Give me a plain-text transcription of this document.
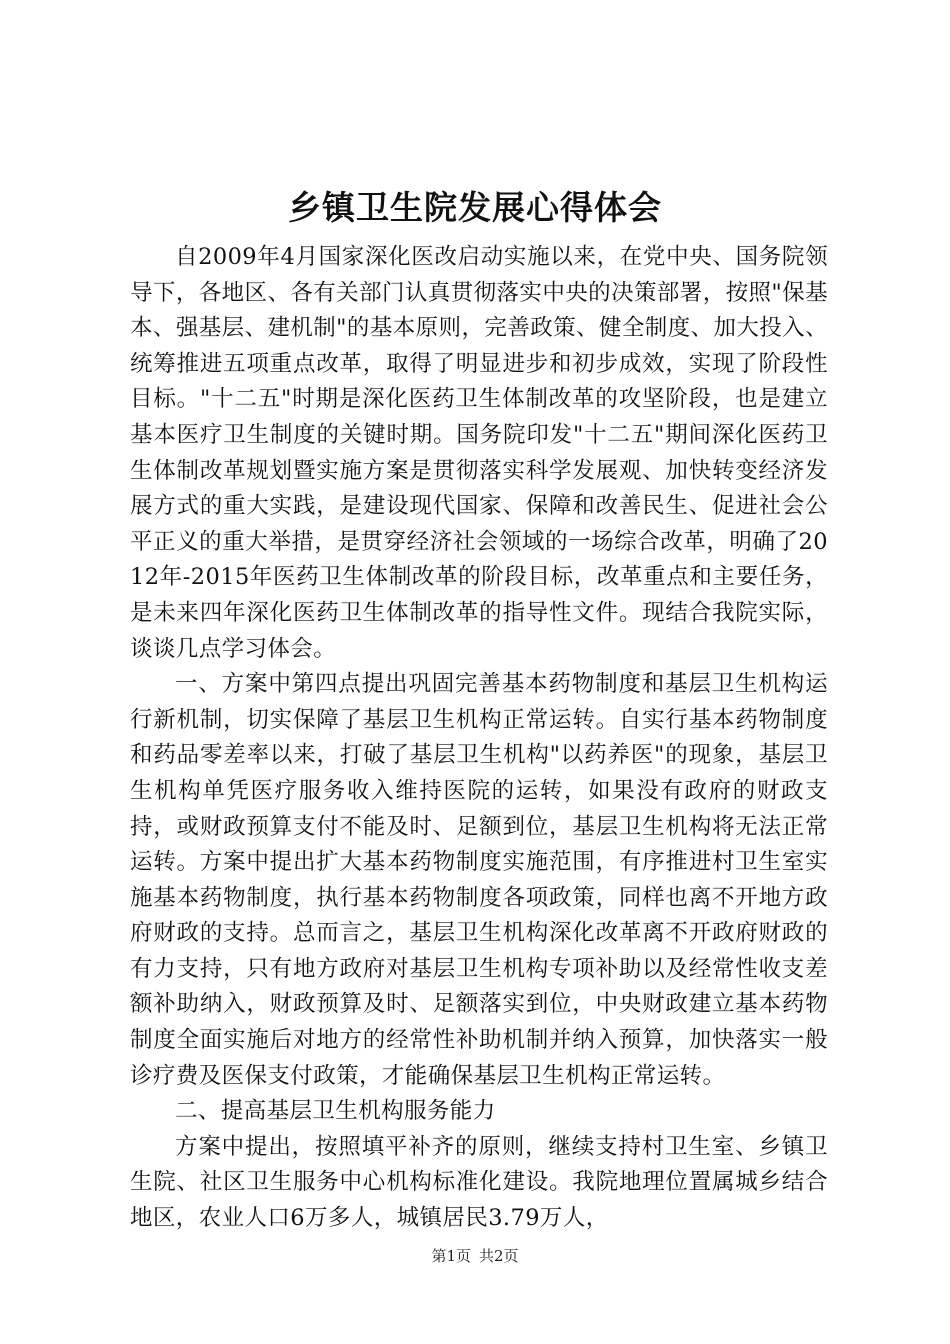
乡镇卫生院发展心得体会

自2009年4月国家深化医改启动实施以来，在党中央、国务院领导下，各地区、各有关部门认真贯彻落实中央的决策部署，按照"保基本、强基层、建机制"的基本原则，完善政策、健全制度、加大投入、统筹推进五项重点改革，取得了明显进步和初步成效，实现了阶段性目标。"十二五"时期是深化医药卫生体制改革的攻坚阶段，也是建立基本医疗卫生制度的关键时期。国务院印发"十二五"期间深化医药卫生体制改革规划暨实施方案是贯彻落实科学发展观、加快转变经济发展方式的重大实践，是建设现代国家、保障和改善民生、促进社会公平正义的重大举措，是贯穿经济社会领域的一场综合改革，明确了2012年-2015年医药卫生体制改革的阶段目标，改革重点和主要任务，是未来四年深化医药卫生体制改革的指导性文件。现结合我院实际，谈谈几点学习体会。

一、方案中第四点提出巩固完善基本药物制度和基层卫生机构运行新机制，切实保障了基层卫生机构正常运转。自实行基本药物制度和药品零差率以来，打破了基层卫生机构"以药养医"的现象，基层卫生机构单凭医疗服务收入维持医院的运转，如果没有政府的财政支持，或财政预算支付不能及时、足额到位，基层卫生机构将无法正常运转。方案中提出扩大基本药物制度实施范围，有序推进村卫生室实施基本药物制度，执行基本药物制度各项政策，同样也离不开地方政府财政的支持。总而言之，基层卫生机构深化改革离不开政府财政的有力支持，只有地方政府对基层卫生机构专项补助以及经常性收支差额补助纳入，财政预算及时、足额落实到位，中央财政建立基本药物制度全面实施后对地方的经常性补助机制并纳入预算，加快落实一般诊疗费及医保支付政策，才能确保基层卫生机构正常运转。

二、提高基层卫生机构服务能力

方案中提出，按照填平补齐的原则，继续支持村卫生室、乡镇卫生院、社区卫生服务中心机构标准化建设。我院地理位置属城乡结合地区，农业人口6万多人，城镇居民3.79万人，

第1页 共2页
